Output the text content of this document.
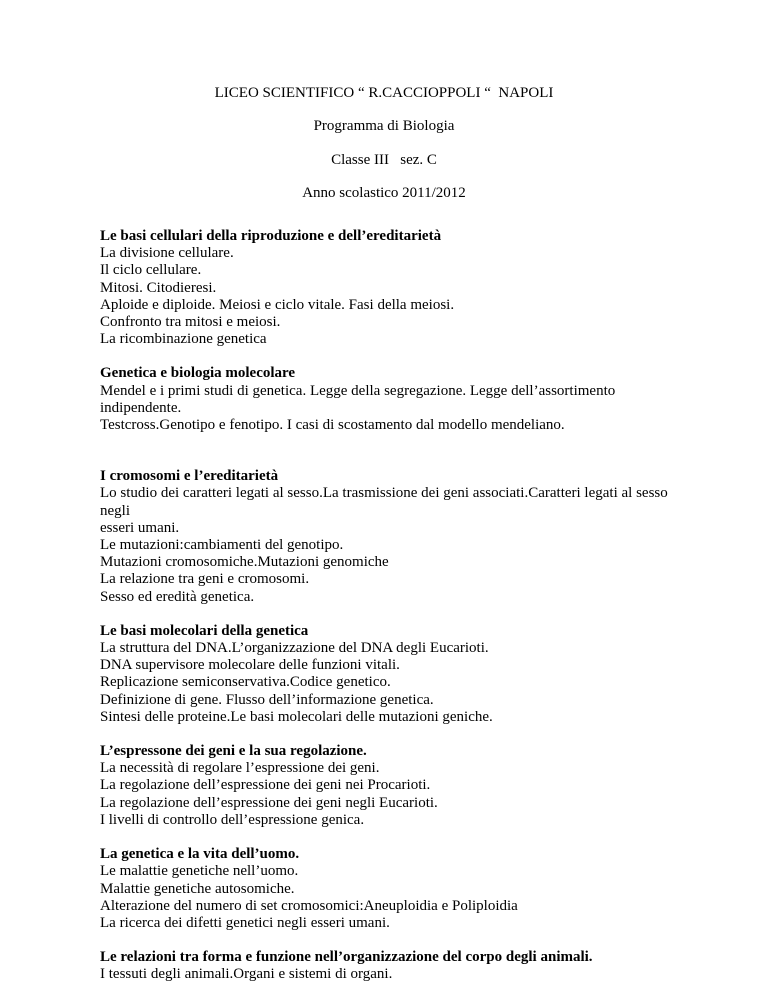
LICEO SCIENTIFICO “ R.CACCIOPPOLI “  NAPOLI
Programma di Biologia
Classe III   sez. C
Anno scolastico 2011/2012
Le basi cellulari della riproduzione e dell’ereditarietà
La divisione cellulare.
Il ciclo cellulare.
Mitosi. Citodieresi.
Aploide e diploide. Meiosi e ciclo vitale. Fasi della meiosi.
Confronto tra mitosi e meiosi.
La ricombinazione genetica
Genetica e biologia molecolare
Mendel e i primi studi di genetica. Legge della segregazione. Legge dell’assortimento indipendente.
Testcross.Genotipo e fenotipo. I casi di scostamento dal modello mendeliano.
I cromosomi e l’ereditarietà
Lo studio dei caratteri legati al sesso.La trasmissione dei geni associati.Caratteri legati al sesso negli
esseri umani.
Le mutazioni:cambiamenti del genotipo.
Mutazioni cromosomiche.Mutazioni genomiche
La relazione tra geni e cromosomi.
Sesso ed eredità genetica.
Le basi molecolari della genetica
La struttura del DNA.L’organizzazione del DNA degli Eucarioti.
DNA supervisore molecolare delle funzioni vitali.
Replicazione semiconservativa.Codice genetico.
Definizione di gene. Flusso dell’informazione genetica.
Sintesi delle proteine.Le basi molecolari delle mutazioni geniche.
L’espressone dei geni e la sua regolazione.
La necessità di regolare l’espressione dei geni.
La regolazione dell’espressione dei geni nei Procarioti.
La regolazione dell’espressione dei geni negli Eucarioti.
I livelli di controllo dell’espressione genica.
La genetica e la vita dell’uomo.
Le malattie genetiche nell’uomo.
Malattie genetiche autosomiche.
Alterazione del numero di set cromosomici:Aneuploidia e Poliploidia
La ricerca dei difetti genetici negli esseri umani.
Le relazioni tra forma e funzione nell’organizzazione del corpo degli animali.
I tessuti degli animali.Organi e sistemi di organi.
